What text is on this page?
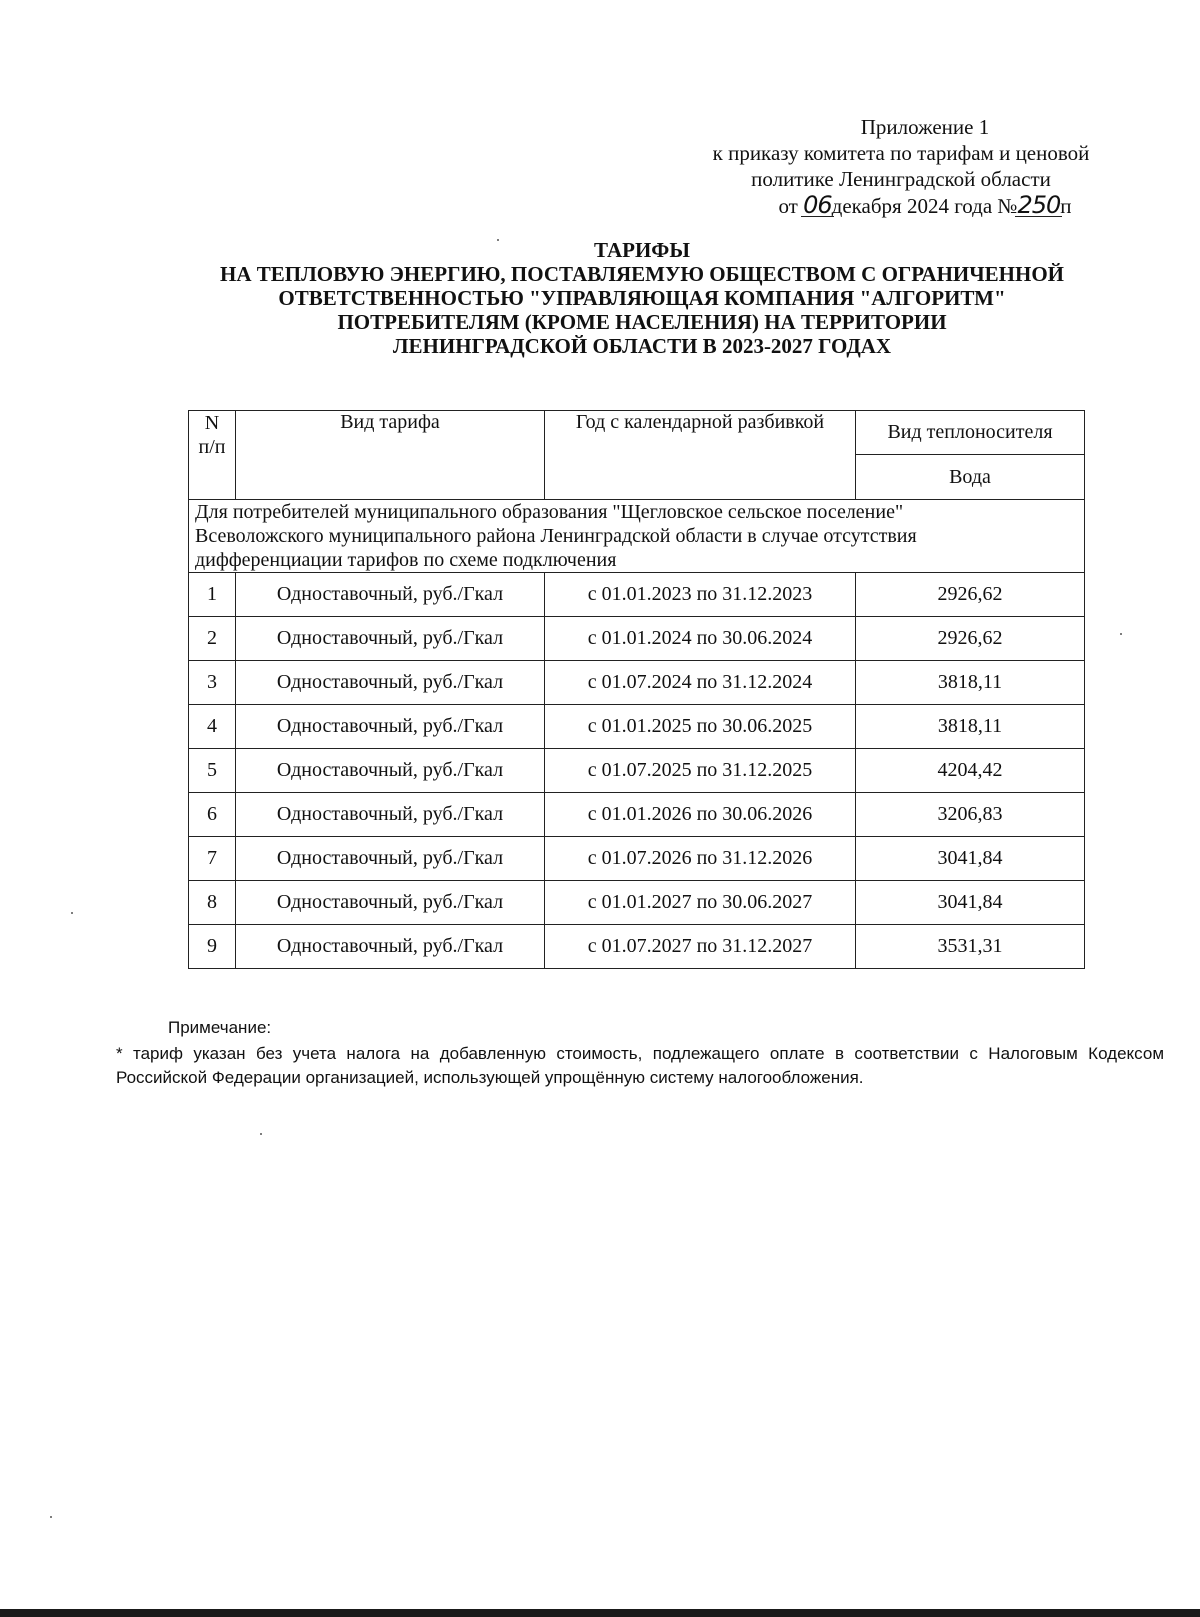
Приложение 1
к приказу комитета по тарифам и ценовой
политике Ленинградской области
от 06декабря 2024 года №250п
ТАРИФЫ
НА ТЕПЛОВУЮ ЭНЕРГИЮ, ПОСТАВЛЯЕМУЮ ОБЩЕСТВОМ С ОГРАНИЧЕННОЙ
ОТВЕТСТВЕННОСТЬЮ "УПРАВЛЯЮЩАЯ КОМПАНИЯ "АЛГОРИТМ"
ПОТРЕБИТЕЛЯМ (КРОМЕ НАСЕЛЕНИЯ) НА ТЕРРИТОРИИ
ЛЕНИНГРАДСКОЙ ОБЛАСТИ В 2023-2027 ГОДАХ
N
п/п	Вид тарифа	Год с календарной разбивкой	Вид теплоносителя
			Вода
Для потребителей муниципального образования "Щегловское сельское поселение"
Всеволожского муниципального района Ленинградской области в случае отсутствия
дифференциации тарифов по схеме подключения			
1	Одноставочный, руб./Гкал	с 01.01.2023 по 31.12.2023	2926,62
2	Одноставочный, руб./Гкал	с 01.01.2024 по 30.06.2024	2926,62
3	Одноставочный, руб./Гкал	с 01.07.2024 по 31.12.2024	3818,11
4	Одноставочный, руб./Гкал	с 01.01.2025 по 30.06.2025	3818,11
5	Одноставочный, руб./Гкал	с 01.07.2025 по 31.12.2025	4204,42
6	Одноставочный, руб./Гкал	с 01.01.2026 по 30.06.2026	3206,83
7	Одноставочный, руб./Гкал	с 01.07.2026 по 31.12.2026	3041,84
8	Одноставочный, руб./Гкал	с 01.01.2027 по 30.06.2027	3041,84
9	Одноставочный, руб./Гкал	с 01.07.2027 по 31.12.2027	3531,31
Примечание:
* тариф указан без учета налога на добавленную стоимость, подлежащего оплате в соответствии с Налоговым Кодексом Российской Федерации организацией, использующей упрощённую систему налогообложения.
